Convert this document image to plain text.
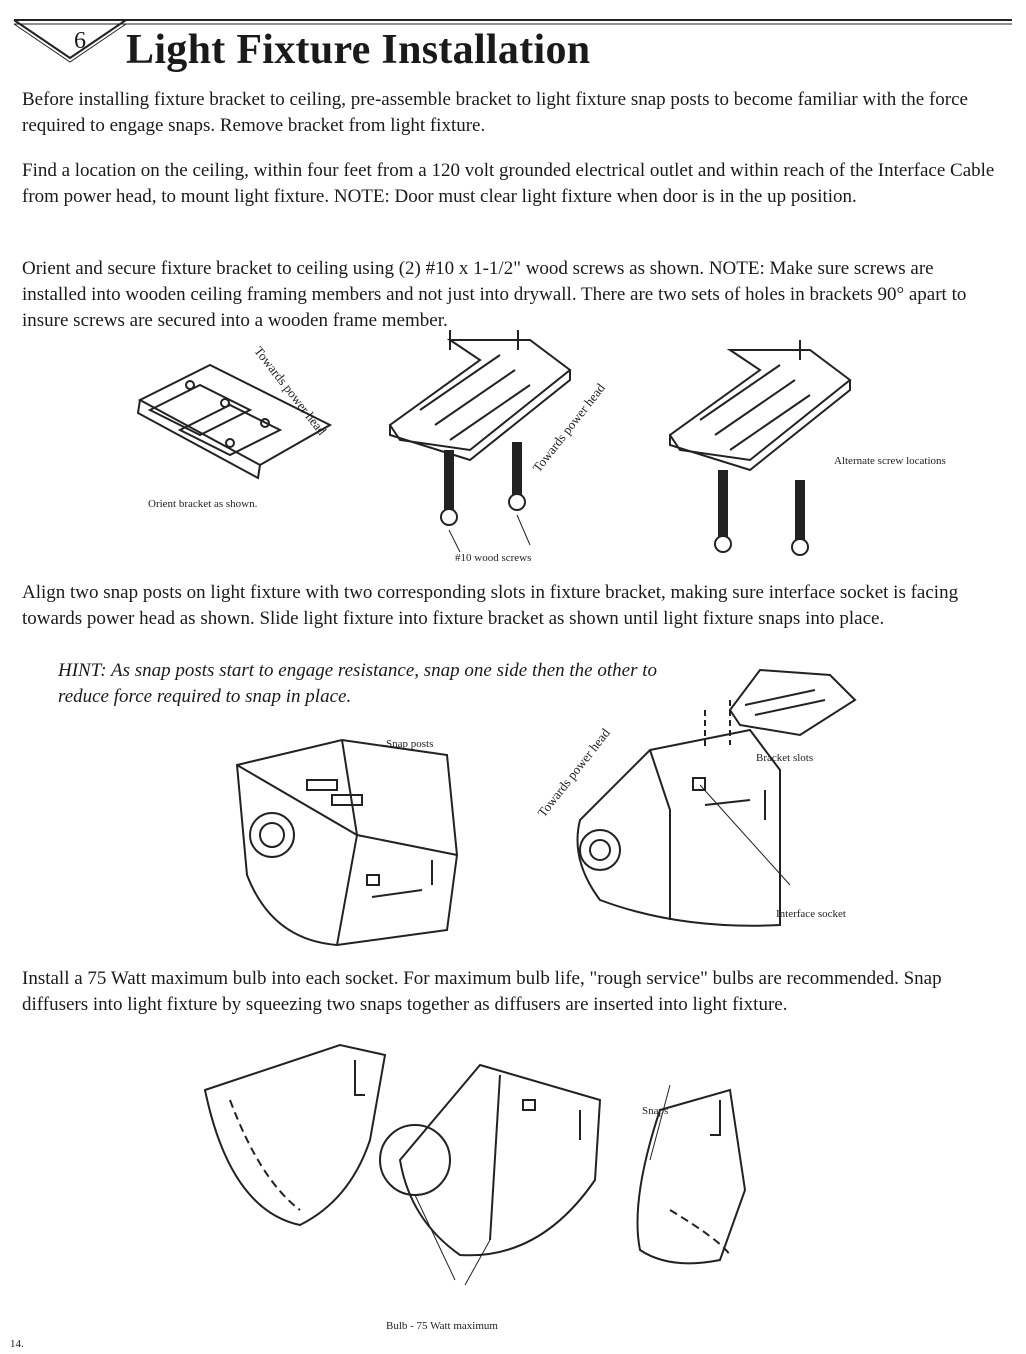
6 Light Fixture Installation

Before installing fixture bracket to ceiling, pre-assemble bracket to light fixture snap posts to become familiar with the force required to engage snaps. Remove bracket from light fixture.

Find a location on the ceiling, within four feet from a 120 volt grounded electrical outlet and within reach of the Interface Cable from power head, to mount light fixture. NOTE: Door must clear light fixture when door is in the up position.

Orient and secure fixture bracket to ceiling using (2) #10 x 1-1/2" wood screws as shown. NOTE: Make sure screws are installed into wooden ceiling framing members and not just into drywall. There are two sets of holes in brackets 90° apart to insure screws are secured into a wooden frame member.

Towards power head
Orient bracket as shown.
Towards power head
#10 wood screws
Alternate screw locations

Align two snap posts on light fixture with two corresponding slots in fixture bracket, making sure interface socket is facing towards power head as shown. Slide light fixture into fixture bracket as shown until light fixture snaps into place.

HINT: As snap posts start to engage resistance, snap one side then the other to reduce force required to snap in place.

Snap posts	Towards power head	Bracket slots
Interface socket

Install a 75 Watt maximum bulb into each socket. For maximum bulb life, "rough service" bulbs are recommended. Snap diffusers into light fixture by squeezing two snaps together as diffusers are inserted into light fixture.

Snaps
Bulb - 75 Watt maximum
14.
